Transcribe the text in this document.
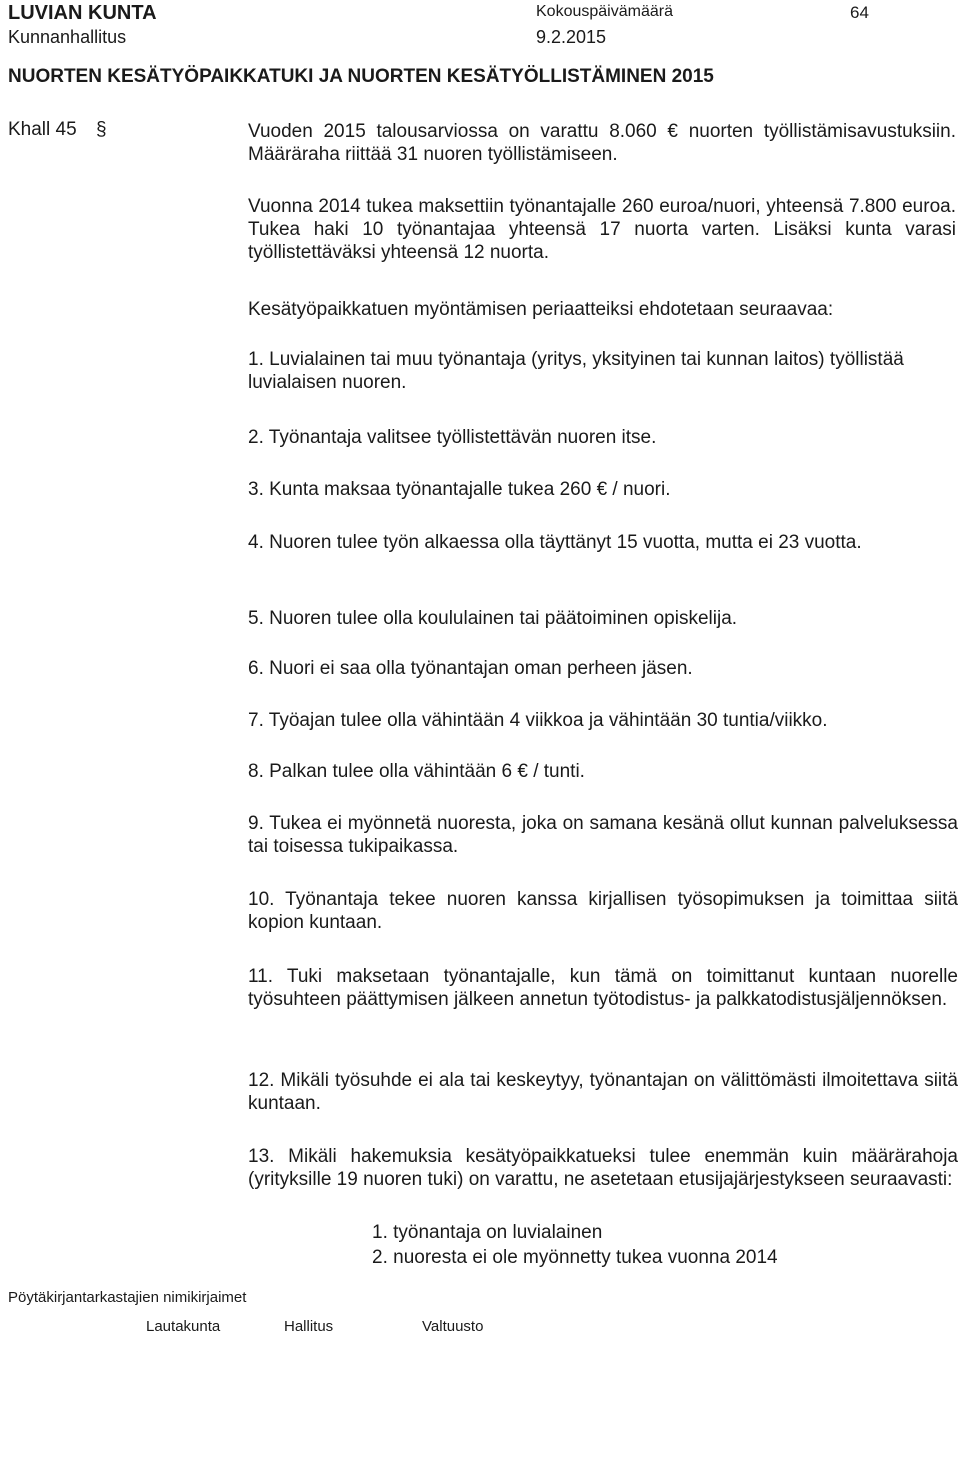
LUVIAN KUNTA
Kunnanhallitus
Kokouspäivämäärä
9.2.2015
64
NUORTEN KESÄTYÖPAIKKATUKI JA NUORTEN KESÄTYÖLLISTÄMINEN 2015
Khall 45 §	Vuoden 2015 talousarviossa on varattu 8.060 € nuorten työllistämisavustuksiin. Määräraha riittää 31 nuoren työllistämiseen.
Vuonna 2014 tukea maksettiin työnantajalle 260 euroa/nuori, yhteensä 7.800 euroa. Tukea haki 10 työnantajaa yhteensä 17 nuorta varten. Lisäksi kunta varasi työllistettäväksi yhteensä 12 nuorta.
Kesätyöpaikkatuen myöntämisen periaatteiksi ehdotetaan seuraavaa:
1. Luvialainen tai muu työnantaja (yritys, yksityinen tai kunnan laitos) työllistää luvialaisen nuoren.
2. Työnantaja valitsee työllistettävän nuoren itse.
3. Kunta maksaa työnantajalle tukea 260 € / nuori.
4. Nuoren tulee työn alkaessa olla täyttänyt 15 vuotta, mutta ei 23 vuotta.
5. Nuoren tulee olla koululainen tai päätoiminen opiskelija.
6. Nuori ei saa olla työnantajan oman perheen jäsen.
7. Työajan tulee olla vähintään 4 viikkoa ja vähintään 30 tuntia/viikko.
8. Palkan tulee olla vähintään 6 € / tunti.
9. Tukea ei myönnetä nuoresta, joka on samana kesänä ollut kunnan palveluksessa tai toisessa tukipaikassa.
10. Työnantaja tekee nuoren kanssa kirjallisen työsopimuksen ja toimittaa siitä kopion kuntaan.
11. Tuki maksetaan työnantajalle, kun tämä on toimittanut kuntaan nuorelle työsuhteen päättymisen jälkeen annetun työtodistus- ja palkkatodistusjäljennöksen.
12. Mikäli työsuhde ei ala tai keskeytyy, työnantajan on välittömästi ilmoitettava siitä kuntaan.
13. Mikäli hakemuksia kesätyöpaikkatueksi tulee enemmän kuin määrärahoja (yrityksille 19 nuoren tuki) on varattu, ne asetetaan etusijajärjestykseen seuraavasti:
1. työnantaja on luvialainen
2. nuoresta ei ole myönnetty tukea vuonna 2014
Pöytäkirjantarkastajien nimikirjaimet
Lautakunta	Hallitus	Valtuusto
